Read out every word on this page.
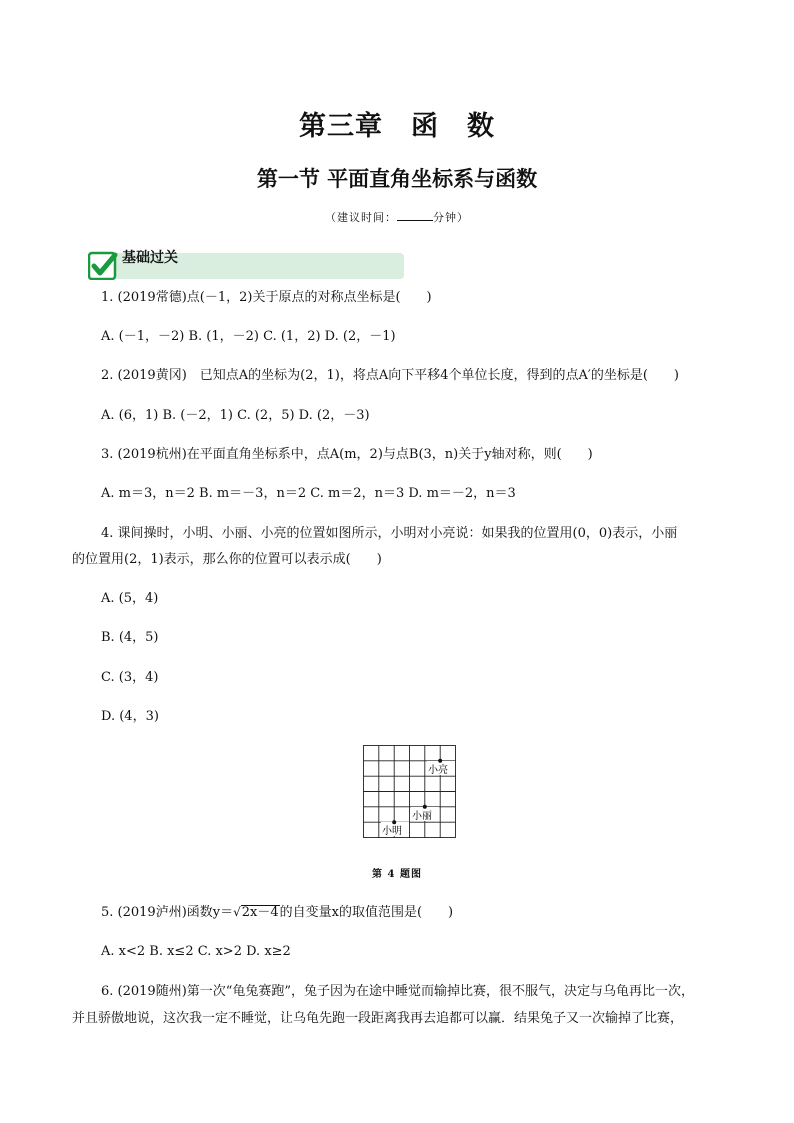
第三章　函　数
第一节 平面直角坐标系与函数
（建议时间：	分钟）
基础过关
1. (2019常德)点(－1，2)关于原点的对称点坐标是(　　)
A. (－1，－2) B. (1，－2) C. (1，2) D. (2，－1)
2. (2019黄冈)　已知点A的坐标为(2，1)，将点A向下平移4个单位长度，得到的点A′的坐标是(　　)
A. (6，1) B. (－2，1) C. (2，5) D. (2，－3)
3. (2019杭州)在平面直角坐标系中，点A(m，2)与点B(3，n)关于y轴对称，则(　　)
A. m＝3，n＝2 B. m＝－3，n＝2 C. m＝2，n＝3 D. m＝－2，n＝3
4. 课间操时，小明、小丽、小亮的位置如图所示，小明对小亮说：如果我的位置用(0，0)表示，小丽
的位置用(2，1)表示，那么你的位置可以表示成(　　)
A. (5，4)
B. (4，5)
C. (3，4)
D. (4，3)
小明
小丽
小亮
第 4 题图
5. (2019泸州)函数y＝√2x－4的自变量x的取值范围是(　　)
A. x<2 B. x≤2 C. x>2 D. x≥2
6. (2019随州)第一次“龟兔赛跑”，兔子因为在途中睡觉而输掉比赛，很不服气，决定与乌龟再比一次，
并且骄傲地说，这次我一定不睡觉，让乌龟先跑一段距离我再去追都可以赢．结果兔子又一次输掉了比赛，
